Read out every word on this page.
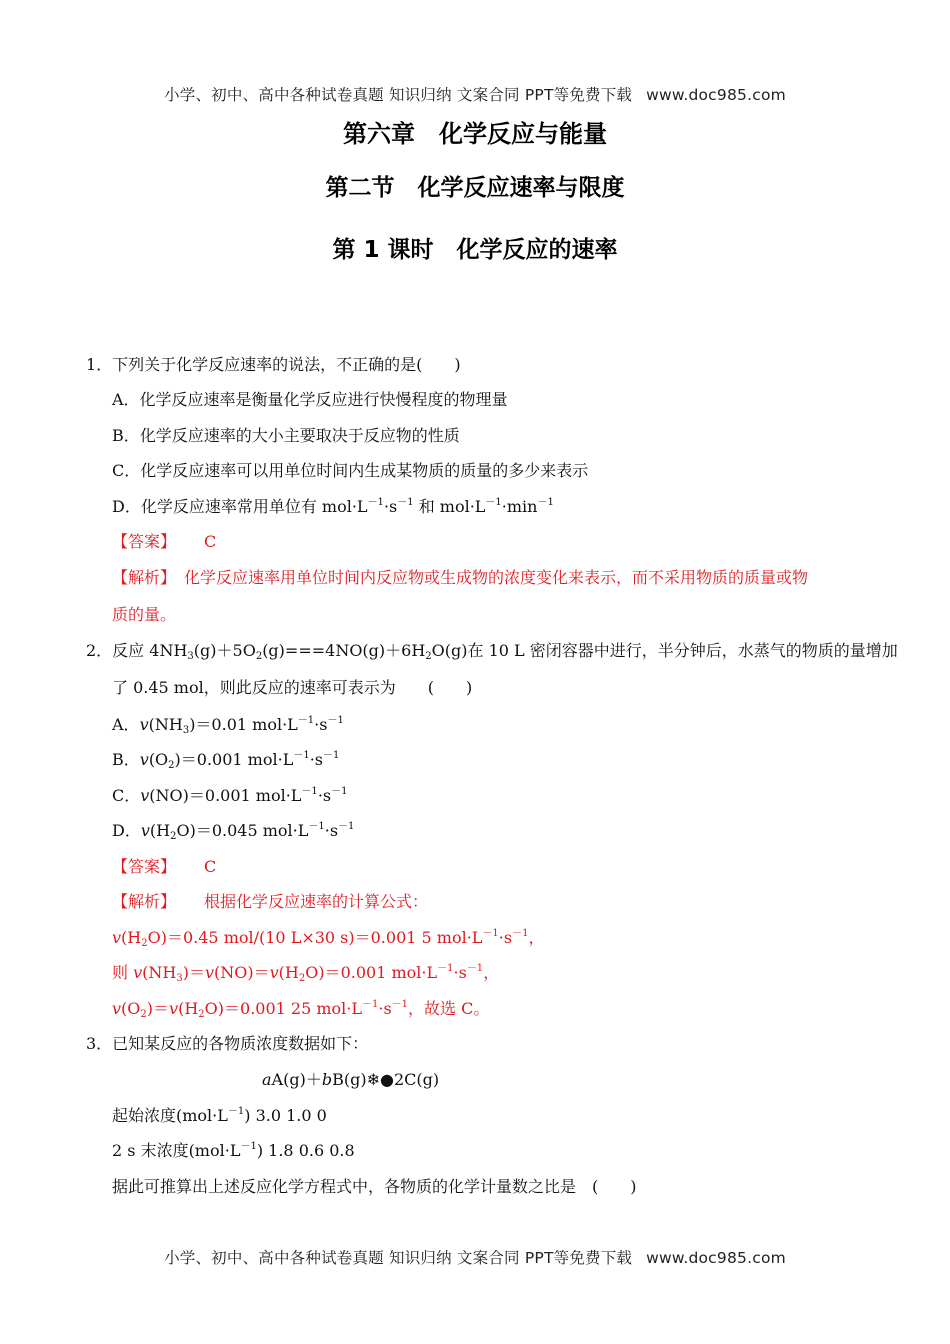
小学、初中、高中各种试卷真题 知识归纳 文案合同 PPT等免费下载 www.doc985.com
第六章　化学反应与能量
第二节　化学反应速率与限度
第 1 课时　化学反应的速率
1．下列关于化学反应速率的说法，不正确的是(　　)
A．化学反应速率是衡量化学反应进行快慢程度的物理量
B．化学反应速率的大小主要取决于反应物的性质
C．化学反应速率可以用单位时间内生成某物质的质量的多少来表示
D．化学反应速率常用单位有 $mol\cdot L^{-1}\cdot s^{-1}$ 和 $mol\cdot L^{-1}\cdot\min^{-1}$
【答案】 C
【解析】　 化学反应速率用单位时间内反应物或生成物的浓度变化来表示，而不采用物质的质量或物
质的量。
2．反应 $4NH_3(g)+5O_2(g)===4NO(g)+6H_2O(g)$在 10 L 密闭容器中进行，半分钟后，水蒸气的物质的量增加
了 0.45 mol，则此反应的速率可表示为　　(　　)
A．$v(NH_3)=0.01$ $mol\cdot L^{-1}\cdot s^{-1}$
B．$v(O_2)=0.001$ $mol\cdot L^{-1}\cdot s^{-1}$
C．v(NO)＝0.001 $mol\cdot L^{-1}\cdot s^{-1}$
D．$v(H_2O)=0.045$ $mol\cdot L^{-1}\cdot s^{-1}$
【答案】 C
【解析】 根据化学反应速率的计算公式：
$v(H_2O)=0.45$ mol/(10 L×30 s)＝0.001 5 $mol\cdot L^{-1}\cdot s^{-1}$，
则 $v(NH_3)=v(NO)=v(H_2O)=0.001$ $mol\cdot L^{-1}\cdot s^{-1}$，
$v(O_2)=v(H_2O)=0.001$ 25 $mol\cdot L^{-1}\cdot s^{-1}$，故选 C。
3．已知某反应的各物质浓度数据如下：
aA(g)＋bB(g)❄●2C(g)
起始浓度$(mol\cdot L^{-1})$ 3.0 1.0 0
2 s 末浓度$(mol\cdot L^{-1})$ 1.8 0.6 0.8
据此可推算出上述反应化学方程式中，各物质的化学计量数之比是　(　　)
小学、初中、高中各种试卷真题 知识归纳 文案合同 PPT等免费下载 www.doc985.com
